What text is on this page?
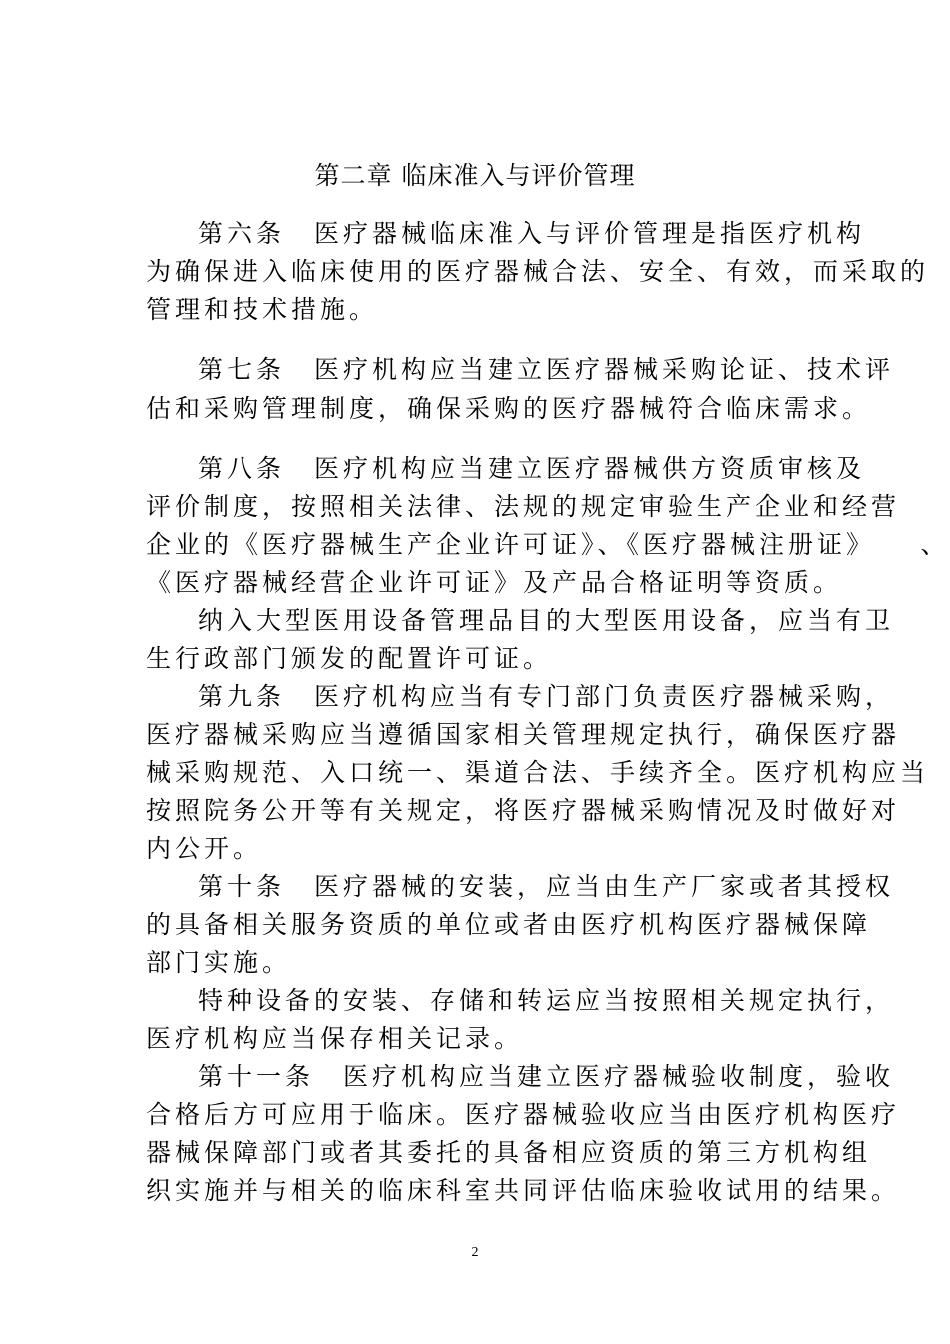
第二章 临床准入与评价管理
第六条　医疗器械临床准入与评价管理是指医疗机构
为确保进入临床使用的医疗器械合法、安全、有效，而采取的
管理和技术措施。
第七条　医疗机构应当建立医疗器械采购论证、技术评
估和采购管理制度，确保采购的医疗器械符合临床需求。
第八条　医疗机构应当建立医疗器械供方资质审核及
评价制度，按照相关法律、法规的规定审验生产企业和经营
企业的《医疗器械生产企业许可证》、《医疗器械注册证》　　、
《医疗器械经营企业许可证》及产品合格证明等资质。
纳入大型医用设备管理品目的大型医用设备，应当有卫
生行政部门颁发的配置许可证。
第九条　医疗机构应当有专门部门负责医疗器械采购，
医疗器械采购应当遵循国家相关管理规定执行，确保医疗器
械采购规范、入口统一、渠道合法、手续齐全。医疗机构应当
按照院务公开等有关规定，将医疗器械采购情况及时做好对
内公开。
第十条　医疗器械的安装，应当由生产厂家或者其授权
的具备相关服务资质的单位或者由医疗机构医疗器械保障
部门实施。
特种设备的安装、存储和转运应当按照相关规定执行，
医疗机构应当保存相关记录。
第十一条　医疗机构应当建立医疗器械验收制度，验收
合格后方可应用于临床。医疗器械验收应当由医疗机构医疗
器械保障部门或者其委托的具备相应资质的第三方机构组
织实施并与相关的临床科室共同评估临床验收试用的结果。
2
